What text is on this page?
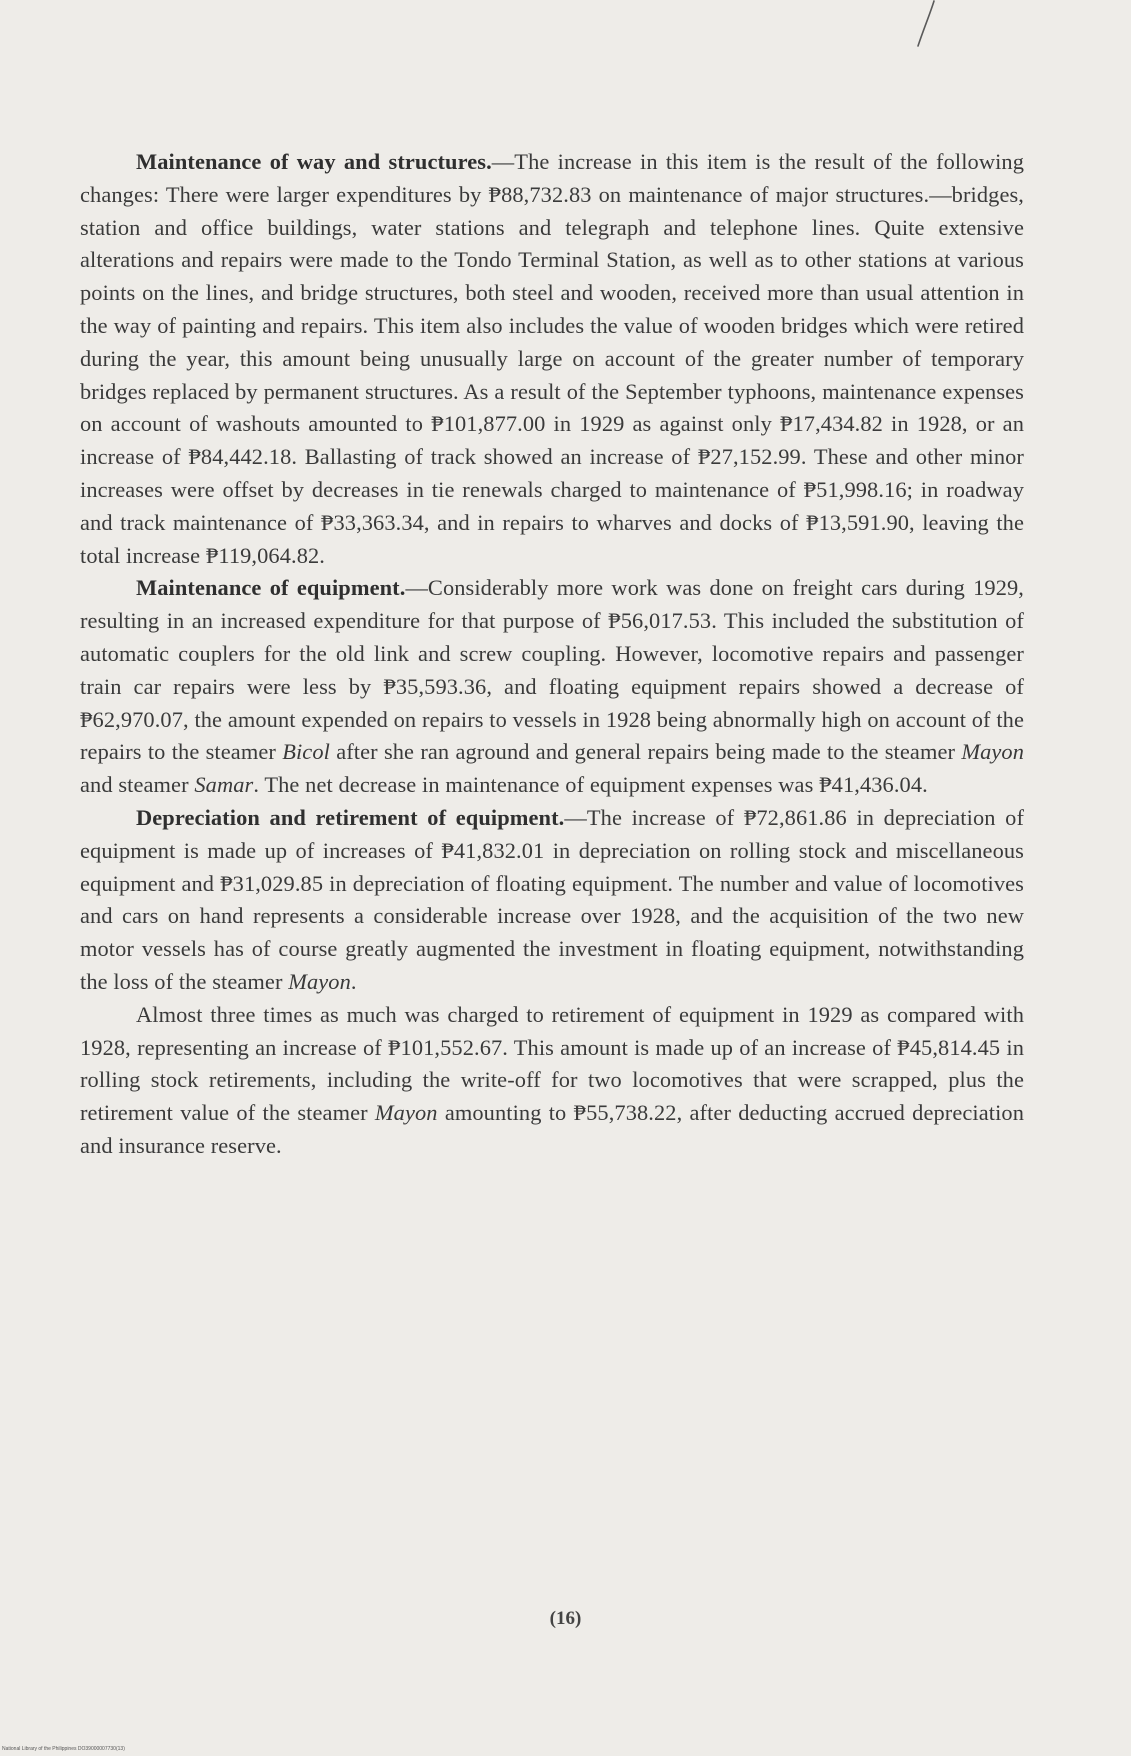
Maintenance of way and structures.—The increase in this item is the result of the following changes: There were larger expenditures by ₱88,732.83 on maintenance of major structures.—bridges, station and office buildings, water stations and telegraph and telephone lines. Quite extensive alterations and repairs were made to the Tondo Terminal Station, as well as to other stations at various points on the lines, and bridge structures, both steel and wooden, received more than usual attention in the way of painting and repairs. This item also includes the value of wooden bridges which were retired during the year, this amount being unusually large on account of the greater number of temporary bridges replaced by permanent structures. As a result of the September typhoons, maintenance expenses on account of washouts amounted to ₱101,877.00 in 1929 as against only ₱17,434.82 in 1928, or an increase of ₱84,442.18. Ballasting of track showed an increase of ₱27,152.99. These and other minor increases were offset by decreases in tie renewals charged to maintenance of ₱51,998.16; in roadway and track maintenance of ₱33,363.34, and in repairs to wharves and docks of ₱13,591.90, leaving the total increase ₱119,064.82.

Maintenance of equipment.—Considerably more work was done on freight cars during 1929, resulting in an increased expenditure for that purpose of ₱56,017.53. This included the substitution of automatic couplers for the old link and screw coupling. However, locomotive repairs and passenger train car repairs were less by ₱35,593.36, and floating equipment repairs showed a decrease of ₱62,970.07, the amount expended on repairs to vessels in 1928 being abnormally high on account of the repairs to the steamer Bicol after she ran aground and general repairs being made to the steamer Mayon and steamer Samar. The net decrease in maintenance of equipment expenses was ₱41,436.04.

Depreciation and retirement of equipment.—The increase of ₱72,861.86 in depreciation of equipment is made up of increases of ₱41,832.01 in depreciation on rolling stock and miscellaneous equipment and ₱31,029.85 in depreciation of floating equipment. The number and value of locomotives and cars on hand represents a considerable increase over 1928, and the acquisition of the two new motor vessels has of course greatly augmented the investment in floating equipment, notwithstanding the loss of the steamer Mayon.

Almost three times as much was charged to retirement of equipment in 1929 as compared with 1928, representing an increase of ₱101,552.67. This amount is made up of an increase of ₱45,814.45 in rolling stock retirements, including the write-off for two locomotives that were scrapped, plus the retirement value of the steamer Mayon amounting to ₱55,738.22, after deducting accrued depreciation and insurance reserve.

(16)
National Library of the Philippines DO39000007730(13)
